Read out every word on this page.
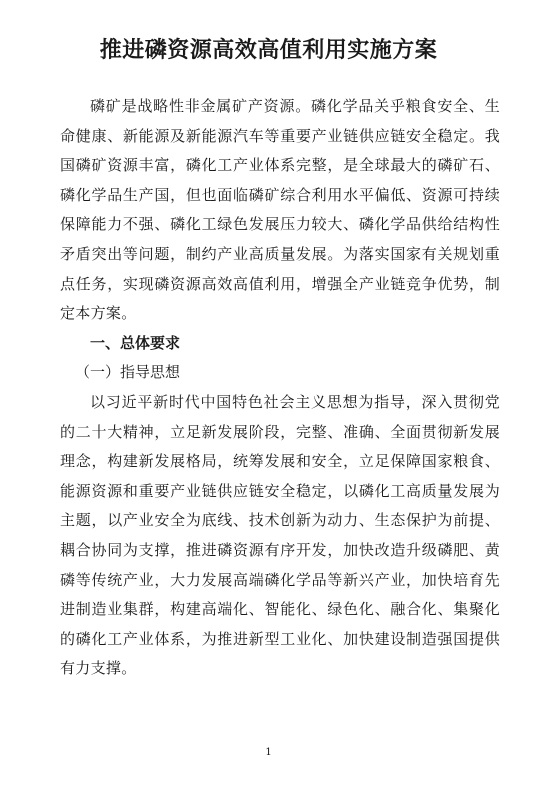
推进磷资源高效高值利用实施方案

磷矿是战略性非金属矿产资源。磷化学品关乎粮食安全、生命健康、新能源及新能源汽车等重要产业链供应链安全稳定。我国磷矿资源丰富，磷化工产业体系完整，是全球最大的磷矿石、磷化学品生产国，但也面临磷矿综合利用水平偏低、资源可持续保障能力不强、磷化工绿色发展压力较大、磷化学品供给结构性矛盾突出等问题，制约产业高质量发展。为落实国家有关规划重点任务，实现磷资源高效高值利用，增强全产业链竞争优势，制定本方案。

一、总体要求

（一）指导思想

以习近平新时代中国特色社会主义思想为指导，深入贯彻党的二十大精神，立足新发展阶段，完整、准确、全面贯彻新发展理念，构建新发展格局，统筹发展和安全，立足保障国家粮食、能源资源和重要产业链供应链安全稳定，以磷化工高质量发展为主题，以产业安全为底线、技术创新为动力、生态保护为前提、耦合协同为支撑，推进磷资源有序开发，加快改造升级磷肥、黄磷等传统产业，大力发展高端磷化学品等新兴产业，加快培育先进制造业集群，构建高端化、智能化、绿色化、融合化、集聚化的磷化工产业体系，为推进新型工业化、加快建设制造强国提供有力支撑。

1
